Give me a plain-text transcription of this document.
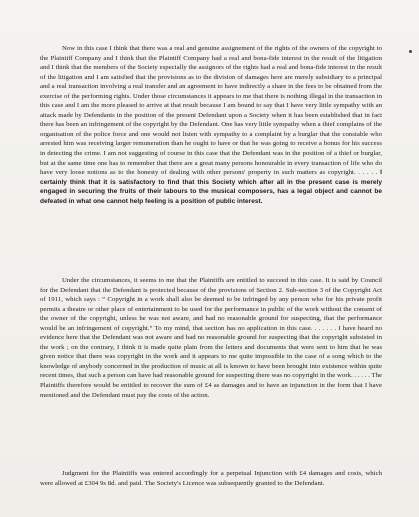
Now in this case I think that there was a real and genuine assignement of the rights of the owners of the copyright to the Plaintiff Company and I think that the Plaintiff Company had a real and bona-fide interest in the result of the litigation and I think that the members of the Society especially the assignors of the rights had a real and bona-fide interest in the result of the litigation and I am satisfied that the provisions as to the division of damages here are merely subsidiary to a principal and a real transaction involving a real transfer and an agreement to have indirectly a share in the fees to be obtained from the exercise of the performing rights. Under those circumstances it appears to me that there is nothing illegal in the transaction in this case and I am the more pleased to arrive at that result because I am bound to say that I have very little sympathy with an attack made by Defendants in the position of the present Defendant upon a Society when it has been established that in fact there has been an infringement of the copyright by the Defendant. One has very little sympathy when a thief complains of the organisation of the police force and one would not listen with sympathy to a complaint by a burglar that the constable who arrested him was receiving larger remuneration than he ought to have or that he was going to receive a bonus for his success in detecting the crime. I am not suggesting of course in this case that the Defendant was in the position of a thief or burglar, but at the same time one has to remember that there are a great many persons honourable in every transaction of life who do have very loose notions as to the honesty of dealing with other persons' property in such matters as copyright. . . . . . I certainly think that it is satisfactory to find that this Society which after all in the present case is merely engaged in securing the fruits of their labours to the musical composers, has a legal object and cannot be defeated in what one cannot help feeling is a position of public interest.

Under the circumstances, it seems to me that the Plaintiffs are entitled to succeed in this case. It is said by Council for the Defendant that the Defendant is protected because of the provisions of Section 2. Sub-section 3 of the Copyright Act of 1911, which says : “ Copyright in a work shall also be deemed to be infringed by any person who for his private profit permits a theatre or other place of entertainment to be used for the performance in public of the work without the consent of the owner of the copyright, unless he was not aware, and had no reasonable ground for suspecting, that the performance would be an infringement of copyright.” To my mind, that section has no application in this case. . . . . . . I have heard no evidence here that the Defendant was not aware and had no reasonable ground for suspecting that the copyright subsisted in the work ; on the contrary, I think it is made quite plain from the letters and documents that were sent to him that he was given notice that there was copyright in the work and it appears to me quite impossible in the case of a song which to the knowledge of anybody concerned in the production of music at all is known to have been brought into existence within quite recent times, that such a person can have had reasonable ground for suspecting there was no copyright in the work. . . . . . The Plaintiffs therefore would be entitled to recover the sum of £4 as damages and to have an injunction in the form that I have mentioned and the Defendant must pay the costs of the action.

Judgment for the Plaintiffs was entered accordingly for a perpetual Injunction with £4 damages and costs, which were allowed at £304 9s 8d. and paid. The Society's Licence was subsequently granted to the Defendant.
